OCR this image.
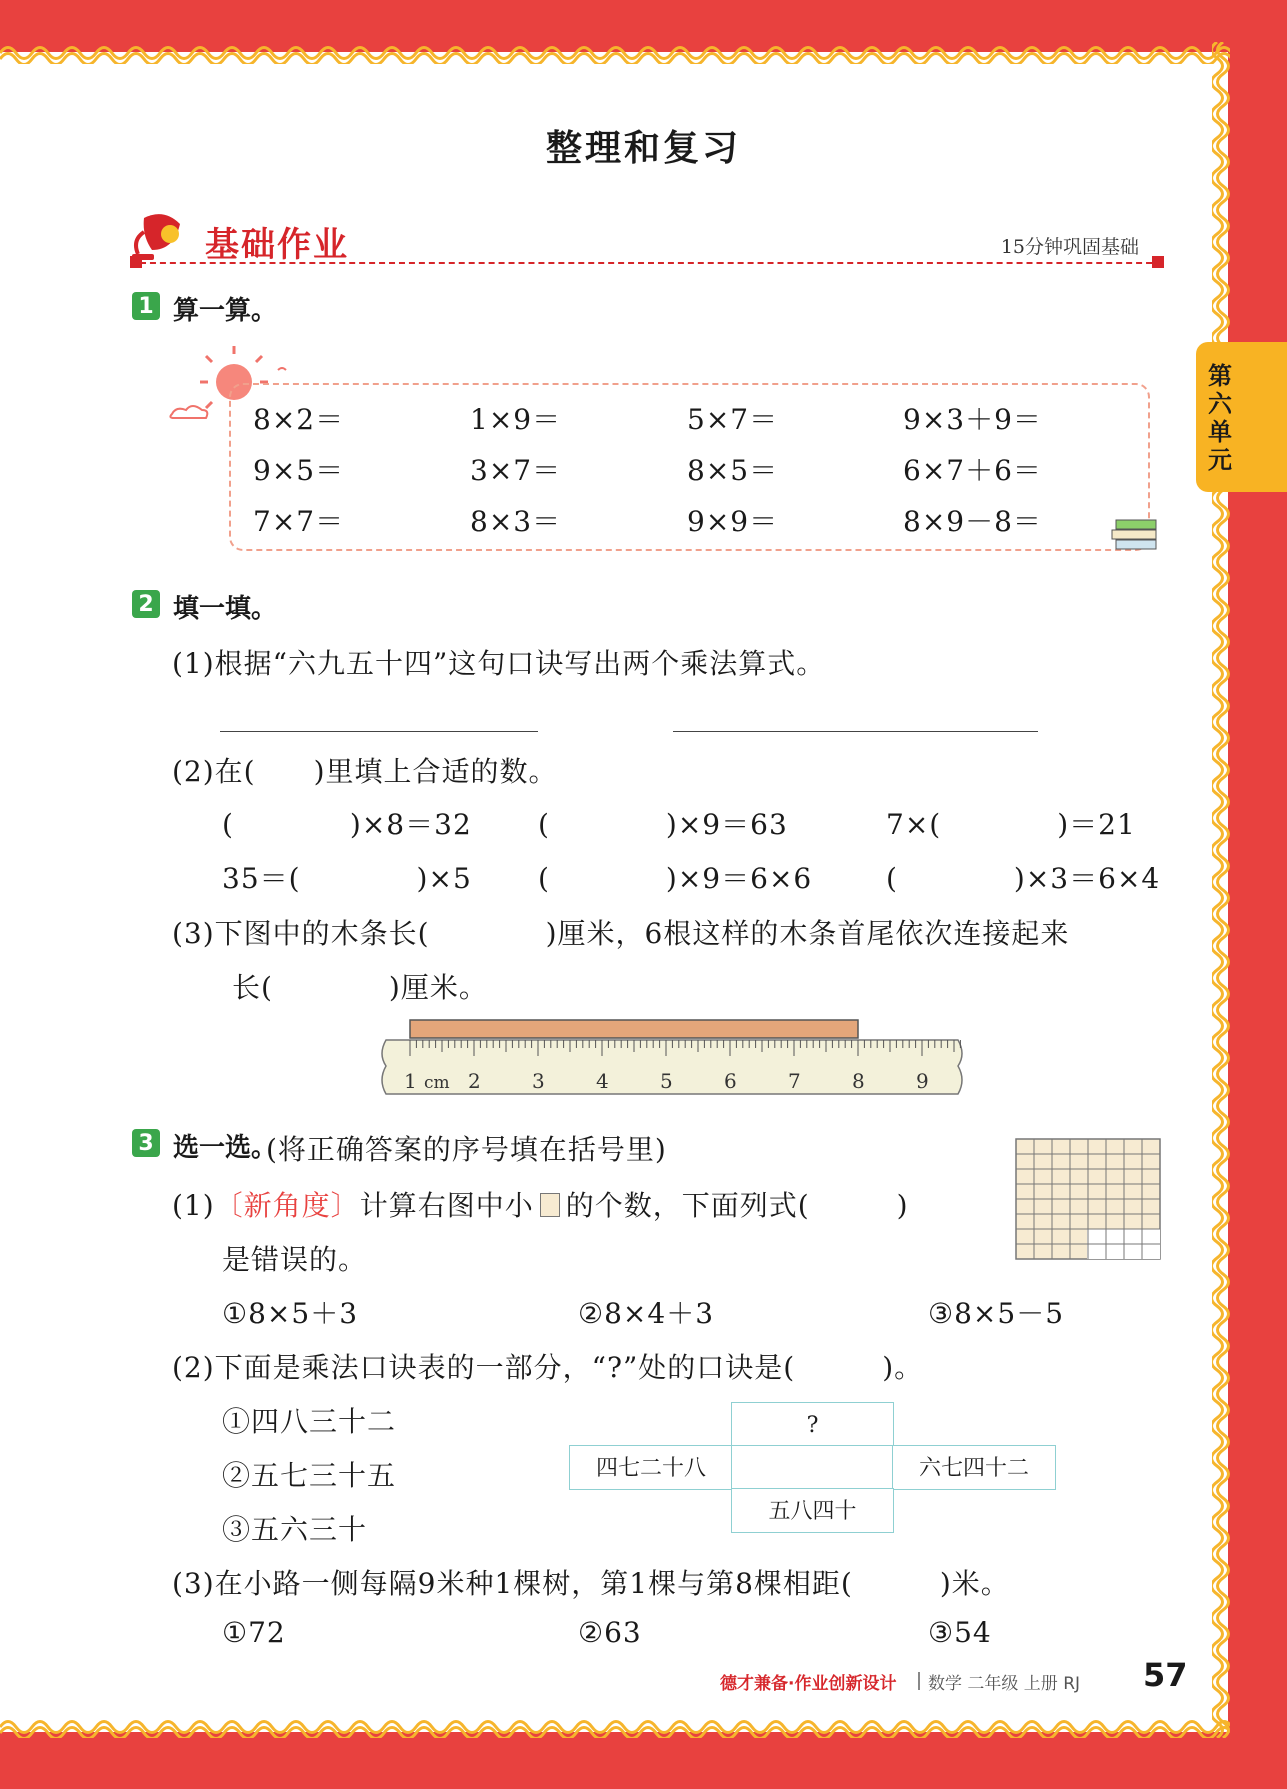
第六单元
整理和复习
基础作业	15分钟巩固基础
1 算一算。
8×2＝	1×9＝	5×7＝	9×3＋9＝
9×5＝	3×7＝	8×5＝	6×7＋6＝
7×7＝	8×3＝	9×9＝	8×9－8＝
2 填一填。
(1)根据“六九五十四”这句口诀写出两个乘法算式。
(2)在(　　)里填上合适的数。
(　　　　)×8＝32 (　　　　)×9＝63	7×(　　　　)＝21
35＝(　　　　)×5 (　　　　)×9＝6×6	(　　　　)×3＝6×4
(3)下图中的木条长(　　　　)厘米，6根这样的木条首尾依次连接起来
长(　　　　)厘米。
1 cm 2	3	4	5	6	7	8	9
3 选一选。
(将正确答案的序号填在括号里)
(1)〔新角度〕计算右图中小 的个数，下面列式(　　　)
是错误的。
①8×5＋3	②8×4＋3	③8×5－5
(2)下面是乘法口诀表的一部分，“?”处的口诀是(　　　)。
①四八三十二
②五七三十五
③五六三十
?
四七二十八	六七四十二
五八四十
(3)在小路一侧每隔9米种1棵树，第1棵与第8棵相距(　　　)米。
①72	②63	③54
德才兼备·作业创新设计 数学 二年级 上册 RJ 57
